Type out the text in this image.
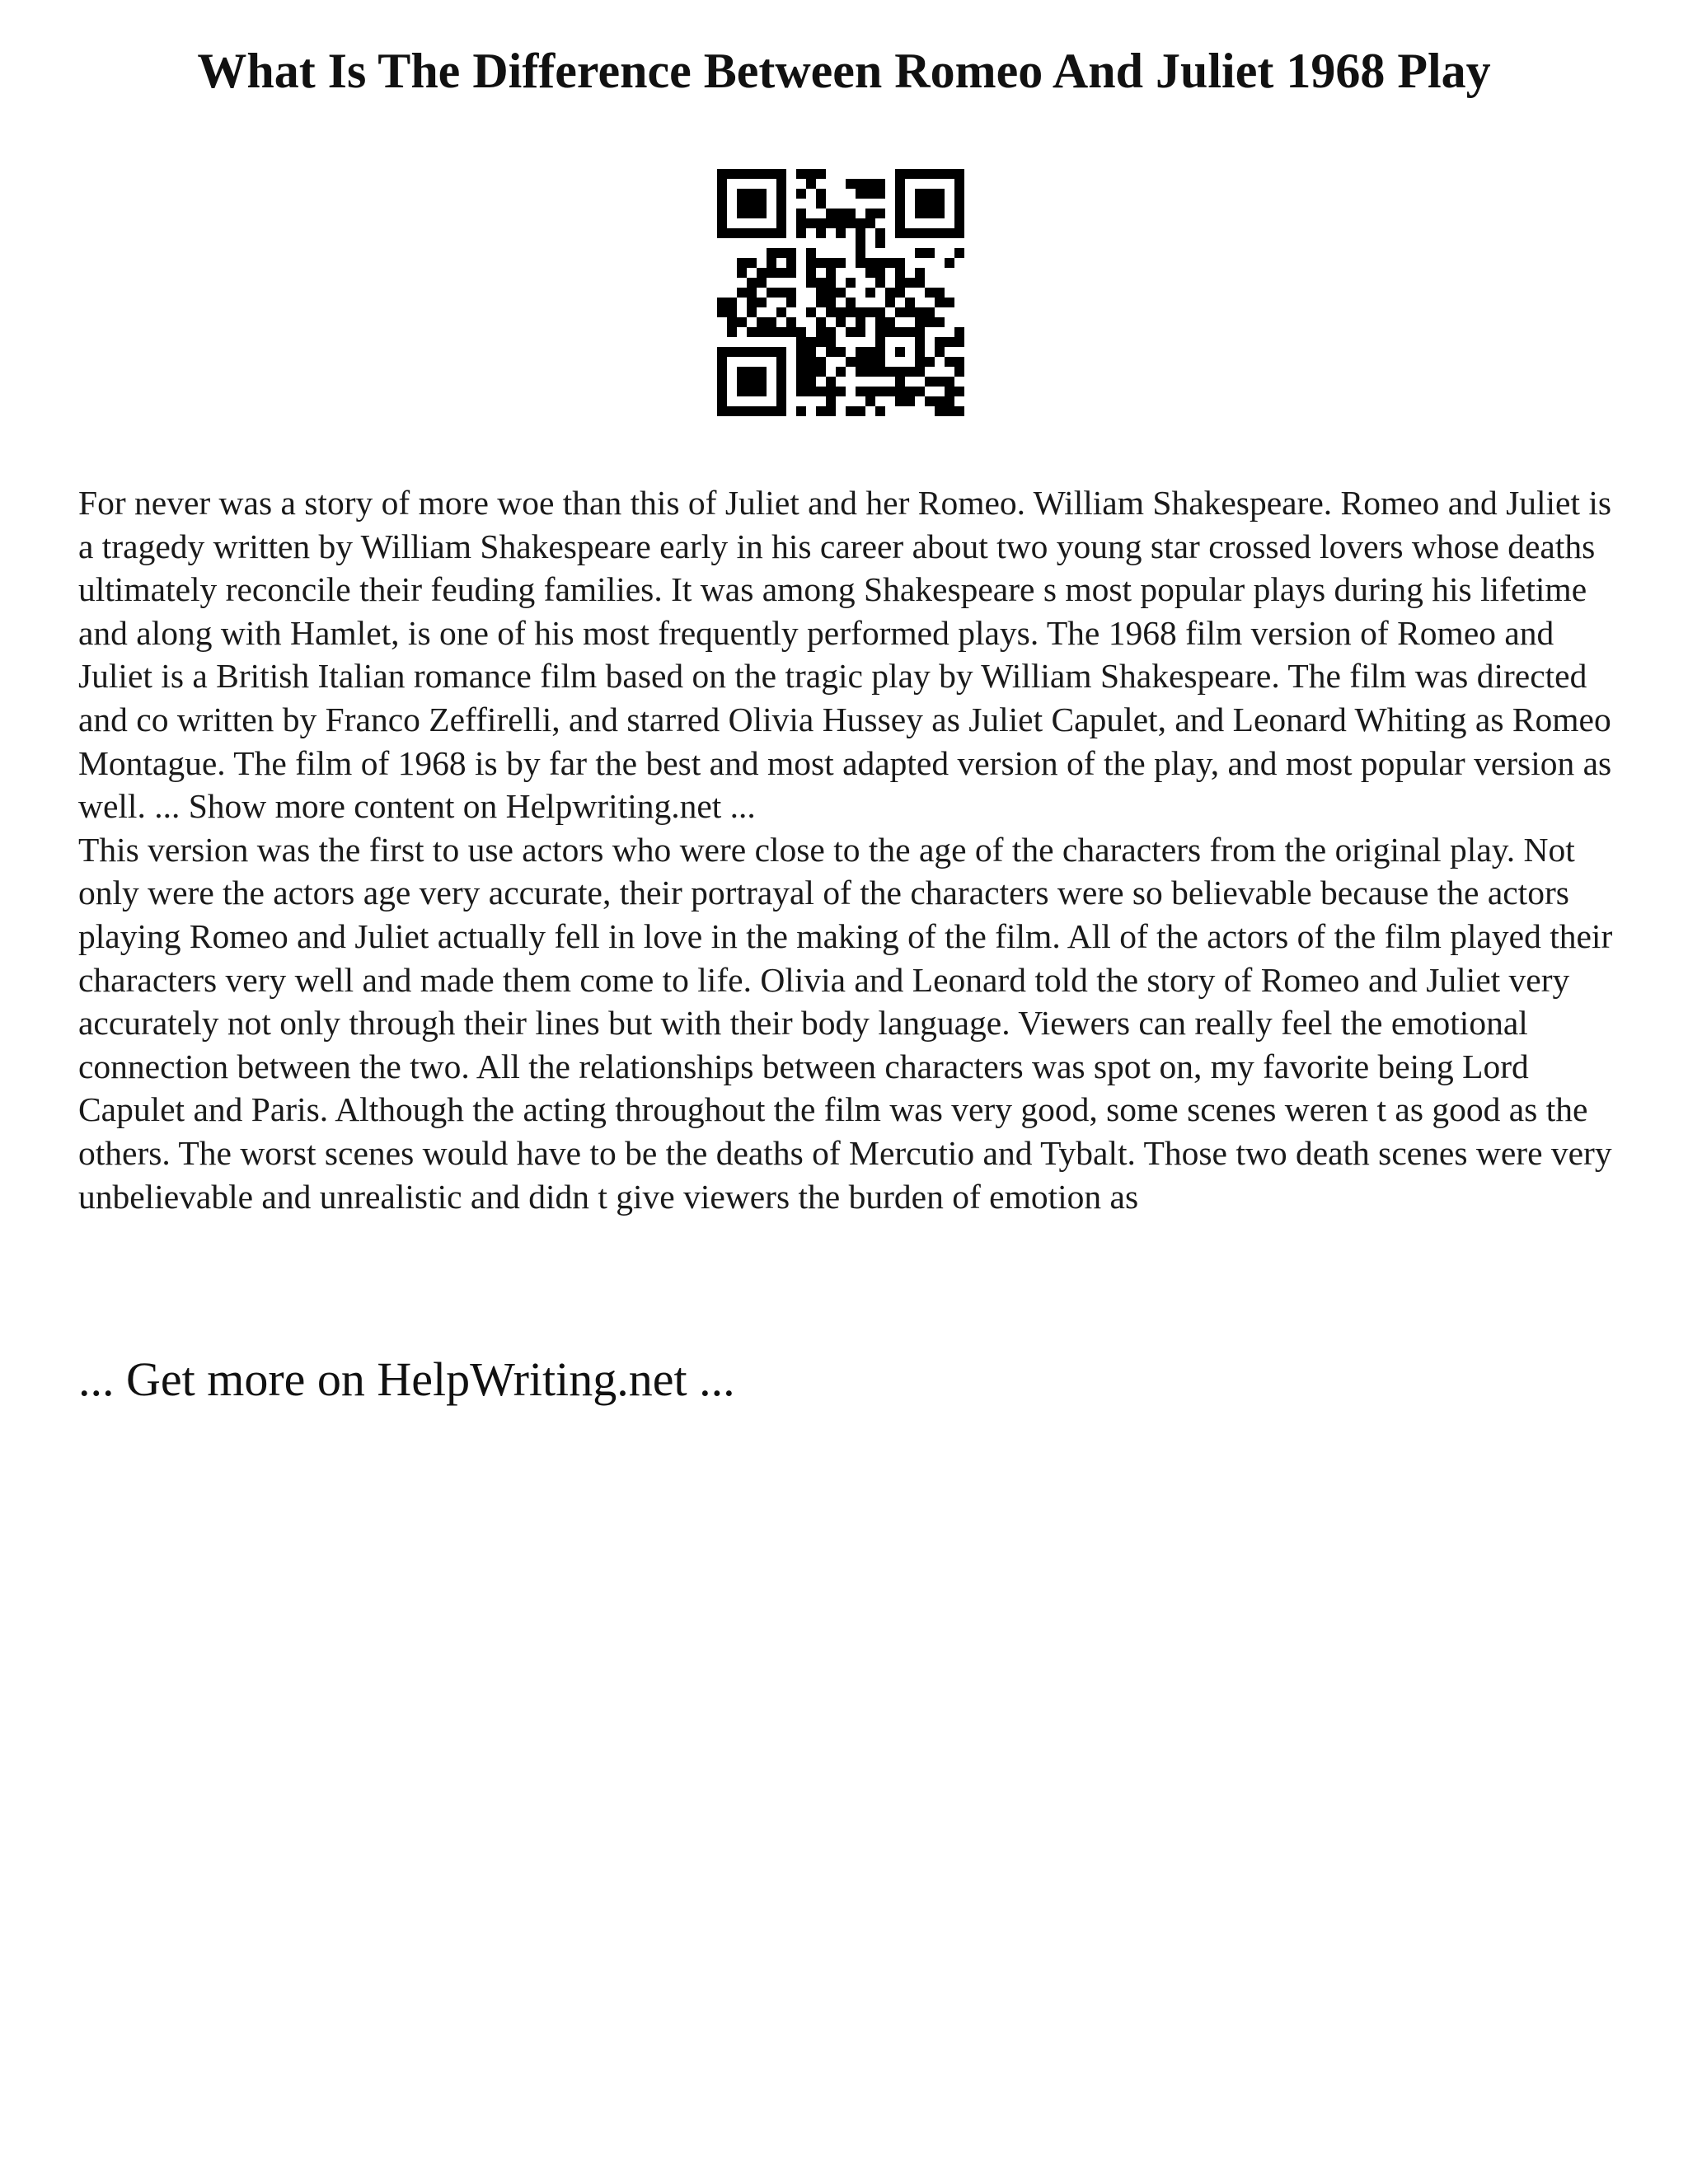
What Is The Difference Between Romeo And Juliet 1968 Play

For never was a story of more woe than this of Juliet and her Romeo. William Shakespeare. Romeo and Juliet is a tragedy written by William Shakespeare early in his career about two young star crossed lovers whose deaths ultimately reconcile their feuding families. It was among Shakespeare s most popular plays during his lifetime and along with Hamlet, is one of his most frequently performed plays. The 1968 film version of Romeo and Juliet is a British Italian romance film based on the tragic play by William Shakespeare. The film was directed and co written by Franco Zeffirelli, and starred Olivia Hussey as Juliet Capulet, and Leonard Whiting as Romeo Montague. The film of 1968 is by far the best and most adapted version of the play, and most popular version as well. ... Show more content on Helpwriting.net ...

This version was the first to use actors who were close to the age of the characters from the original play. Not only were the actors age very accurate, their portrayal of the characters were so believable because the actors playing Romeo and Juliet actually fell in love in the making of the film. All of the actors of the film played their characters very well and made them come to life. Olivia and Leonard told the story of Romeo and Juliet very accurately not only through their lines but with their body language. Viewers can really feel the emotional connection between the two. All the relationships between characters was spot on, my favorite being Lord Capulet and Paris. Although the acting throughout the film was very good, some scenes weren t as good as the others. The worst scenes would have to be the deaths of Mercutio and Tybalt. Those two death scenes were very unbelievable and unrealistic and didn t give viewers the burden of emotion as

... Get more on HelpWriting.net ...
